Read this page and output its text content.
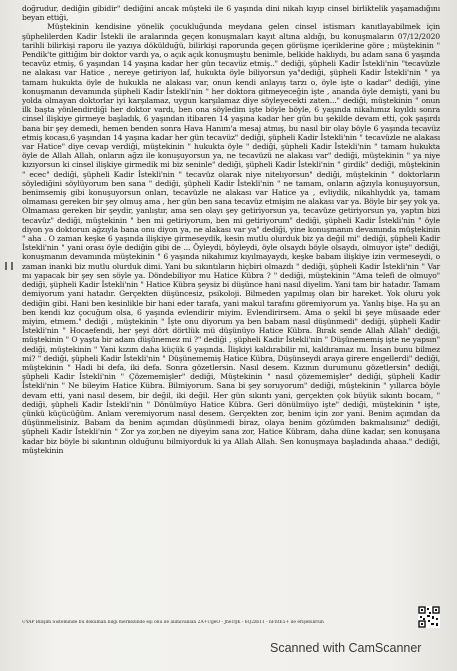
doğrudur, dediğin gibidir" dediğini ancak müşteki ile 6 yaşında dini nikah kıyıp cinsel birliktelik yaşamadığını beyan ettiği,
Müştekinin kendisine yönelik çocukluğunda meydana gelen cinsel istismarı kanıtlayabilmek için şüphelilerden Kadir İstekli ile aralarında geçen konuşmaları kayıt altına aldığı, bu konuşmaların 07/12/2020 tarihli bilirkişi raporu ile yazıya dökülduğü, bilirkişi raporunda geçen görüşme içeriklerine göre ; müştekinin " Pendik'te gittiğim bir doktor vardı ya, o açık açık konuşmuştu benimle, belkide haklıydı, bu adam sana 6 yaşında tecavüz etmiş, 6 yaşından 14 yaşına kadar her gün tecavüz etmiş.." dediği, şüpheli Kadir İstekli'nin "tecavüzle ne alakası var Hatice , nereye getiriyon laf, hukukta öyle biliyorsun ya"dediği, şüpheli Kadir İstekli'nin " ya tamam hukukta öyle de hukukla ne alakası var, onun kendi anlayış tarzı o, öyle işte o kadar" dediği, yine konuşmanın devamında şüpheli Kadir İstekli'nin " her doktora gitmeyeceğin işte , ananda öyle demişti, yani bu yolda olmayan doktorlar iyi karşılamaz, uygun karşılamaz diye söyleyecekti zaten..." dediği, müştekinin " onun ilk başta yönlendirdiği her doktor vardı, ben ona söyledim işte böyle böyle, 6 yaşında nikahımız kıyıldı sonra cinsel ilişkiye girmeye başladık, 6 yaşından itibaren 14 yaşına kadar her gün bu şekilde devam etti, çok şaşırdı bana bir şey demedi, hemen benden sonra Hava Hanım'a mesaj atmış, bu nasıl bir olay böyle 6 yaşında tecavüz etmiş kocası,6 yaşından 14 yaşına kadar her gün tecavüz" dediği, şüpheli Kadir İstekli'nin " tecavüzle ne alakası var Hatice" diye cevap verdiği, müştekinin " hukukta öyle " dediği, şüpheli Kadir İstekli'nin " tamam hukukta öyle de Allah Allah, onların ağzı ile konuşuyorsun ya, ne tecavüzü ne alakası var" dediği, müştekinin " ya niye kızıyorsun ki cinsel ilişkiye girmedik mi biz seninle" dediği, şüpheli Kadir İstekli'nin " girdik" dediği, müştekinin " ecec" dediği, şüpheli Kadir İstekli'nin " tecavüz olarak niye nitelıyorsun" dediği, müştekinin " doktorların söylediğini söylüyorum ben sana " dediği, şüpheli Kadir İstekli'nin " ne tamam, onların ağzıyla konuşuyorsun, benimsemiş gibi konuşuyorsun onları, tecavüzle ne alakası var Hatice ya , evliydik, nikahlıydık ya, tamam olmaması gereken bir şey olmuş ama , her gün ben sana tecavüz etmişim ne alakası var ya. Böyle bir şey yok ya. Olmaması gereken bir şeydir, yanlıştır, ama sen olayı şey getiriyorsun ya, tecavüze getiriyorsun ya, yaptın bizi tecavüz" dediği, müştekinin " ben mi getiriyorum, ben mi getiriyorum" dediği, şüpheli Kadir İstekli'nin " öyle diyon ya doktorun ağzıyla bana onu diyon ya, ne alakası var ya" dediği, yine konuşmanın devamında müştekinin " aha . O zaman keşke 6 yaşında ilişkiye girmeseydik, kesin mutlu olurduk biz ya değil mi" dediği, şüpheli Kadir İstekli'nin " yani orası öyle dediğin gibi de ... Öyleydi, böyleydi, öyle olsaydı böyle olsaydı, olmuyor işte" dediği, konuşmanın devamında müştekinin " 6 yaşında nikahımız kıyılmayaydı, keşke babam ilişkiye izin vermeseydi, o zaman inanki biz mutlu olurduk dimi. Yani bu sıkıntıların hiçbiri olmazdı " dediği, şüpheli Kadir İstekli'nin " Var mı yapacak bir şey sen söyle ya. Döndebiliyor mu Hatice Kübra ? " dediği, müştekinin "Ama telefi de olmuyo" dediği, şüpheli Kadir İstekli'nin " Hatice Kübra şeysiz bi düşünce hani nasıl diyelim. Yani tam bir hatadır. Tamam demiyorum yani hatadır. Gerçekten düşüncesiz, psikoloji. Bilmeden yapılmış olan bir hareket. Yok oluru yok dediğin gibi. Hani ben kesinlikle bir hani eder tarafa, yani makul tarafını göremiyorum ya. Yanlış bişe. Ha şu an ben kendi kız çocuğum olsa, 6 yaşında evlendirir miyim. Evlendirirsem. Ama o şekil bi şeye müsaade eder miyim, etmem." dediği , müştekinin " İşte onu diyorum ya ben babam nasıl düşünmedi" dediği, şüpheli Kadir İstekli'nin " Hocaefendi, her şeyi dört dörtlük mü düşünüyo Hatice Kübra. Bırak sende Allah Allah" dediği, müştekinin " O yaşta bir adam düşünemez mi ?" dediği , şüpheli Kadir İstekli'nin " Düşünememiş işte ne yapsın" dediği, müştekinin " Yani kızım daha küçük 6 yaşında. İlişkiyi kaldırabilir mi, kaldıramaz mı. İnsan bunu bilmez mi? " dediği, şüpheli Kadir İstekli'nin " Düşünememiş Hatice Kübra, Düşünseydi araya girere engellerdi" dediği, müştekinin " Hadi bi defa, iki defa. Sonra gözetlersin. Nasıl desem. Kızının durumunu gözetlersin" dediği, şüpheli Kadir İstekli'nin " Çözememişler" dediği, Müştekinin " nasıl çözememişler" dediği, şüpheli Kadir İstekli'nin " Ne bileyim Hatice Kübra. Bilmiyorum. Sana bi şey soruyorum" dediği, müştekinin " yıllarca böyle devam etti, yani nasıl desem, bir değil, iki değil. Her gün sıkıntı yani, gerçekten çok büyük sıkıntı bocam, " dediği, şüpheli Kadir İstekli'nin " Dönülmüyo Hatice Kübra. Geri dönülmüyo işte" dediği, müştekinin " işte, çünkü küçücüğüm. Anlam veremiyorum nasıl desem. Gerçekten zor, benim için zor yani. Benim açımdan da düşünmelisiniz. Babam da benim açımdan düşünmedi biraz, olaya benim gözümden bakmalısınız" dediği, şüpheli Kadir İstekli'nin " Zor ya zor,ben ne diyeyim sana zor, Hatice Kübram, daha düne kadar, sen konuşana kadar biz böyle bi sıkıntının olduğunu bilmiyorduk ki ya Allah Allah. Sen konuşmaya başladında ahaaa." dediği, müştekinin
UYAP Bilişim Sisteminde bu doküman bilgi merkezinde eşi onu ile alimivanlan 2A+UgeO - Jhe1fjK - 6Q2zb11 - nFntE5+ ıle erişebilirsin
Scanned with CamScanner
